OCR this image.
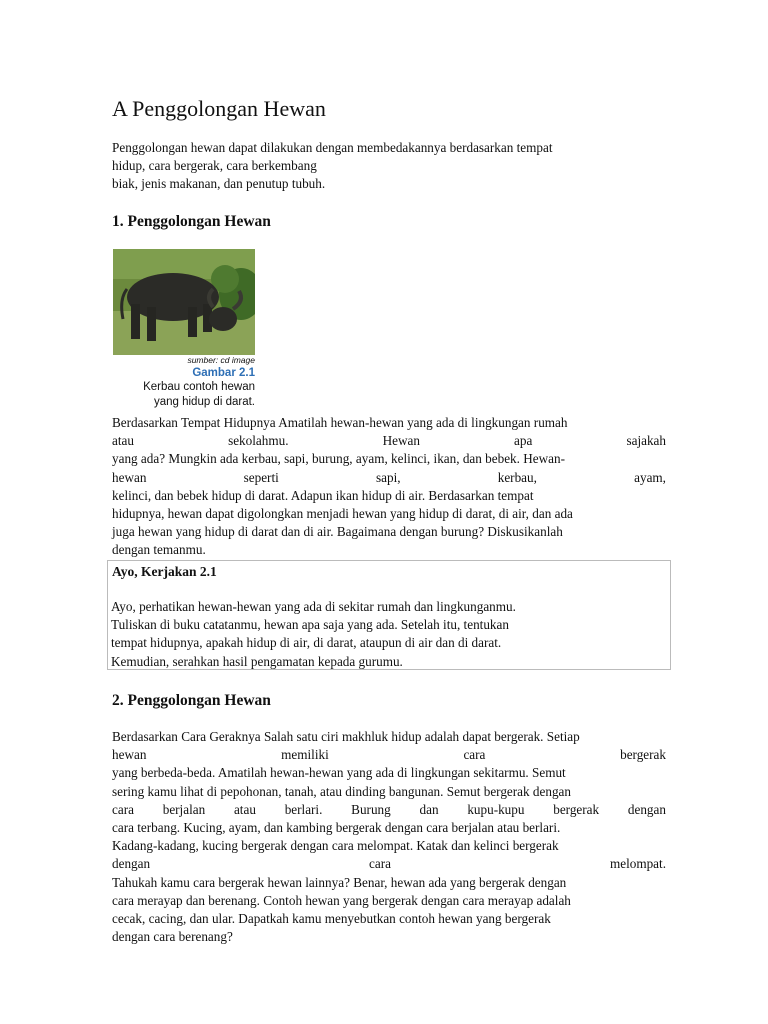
A Penggolongan Hewan

Penggolongan hewan dapat dilakukan dengan membedakannya berdasarkan tempat
hidup, cara bergerak, cara berkembang
biak, jenis makanan, dan penutup tubuh.

1. Penggolongan Hewan
sumber: cd image
Gambar 2.1
Kerbau contoh hewan
yang hidup di darat.
Berdasarkan Tempat Hidupnya Amatilah hewan-hewan yang ada di lingkungan rumah
atau	sekolahmu.	Hewan	apa	sajakah
yang ada? Mungkin ada kerbau, sapi, burung, ayam, kelinci, ikan, dan bebek. Hewan-
hewan	seperti	sapi,	kerbau,	ayam,
kelinci, dan bebek hidup di darat. Adapun ikan hidup di air. Berdasarkan tempat
hidupnya, hewan dapat digolongkan menjadi hewan yang hidup di darat, di air, dan ada
juga hewan yang hidup di darat dan di air. Bagaimana dengan burung? Diskusikanlah
dengan temanmu.

Ayo, Kerjakan 2.1

Ayo, perhatikan hewan-hewan yang ada di sekitar rumah dan lingkunganmu.
Tuliskan di buku catatanmu, hewan apa saja yang ada. Setelah itu, tentukan
tempat hidupnya, apakah hidup di air, di darat, ataupun di air dan di darat.
Kemudian, serahkan hasil pengamatan kepada gurumu.

2. Penggolongan Hewan
Berdasarkan Cara Geraknya Salah satu ciri makhluk hidup adalah dapat bergerak. Setiap
hewan	memiliki	cara	bergerak
yang berbeda-beda. Amatilah hewan-hewan yang ada di lingkungan sekitarmu. Semut
sering kamu lihat di pepohonan, tanah, atau dinding bangunan. Semut bergerak dengan
cara berjalan atau berlari. Burung dan kupu-kupu bergerak dengan
cara terbang. Kucing, ayam, dan kambing bergerak dengan cara berjalan atau berlari.
Kadang-kadang, kucing bergerak dengan cara melompat. Katak dan kelinci bergerak
dengan	cara	melompat.
Tahukah kamu cara bergerak hewan lainnya? Benar, hewan ada yang bergerak dengan
cara merayap dan berenang. Contoh hewan yang bergerak dengan cara merayap adalah
cecak, cacing, dan ular. Dapatkah kamu menyebutkan contoh hewan yang bergerak
dengan cara berenang?
